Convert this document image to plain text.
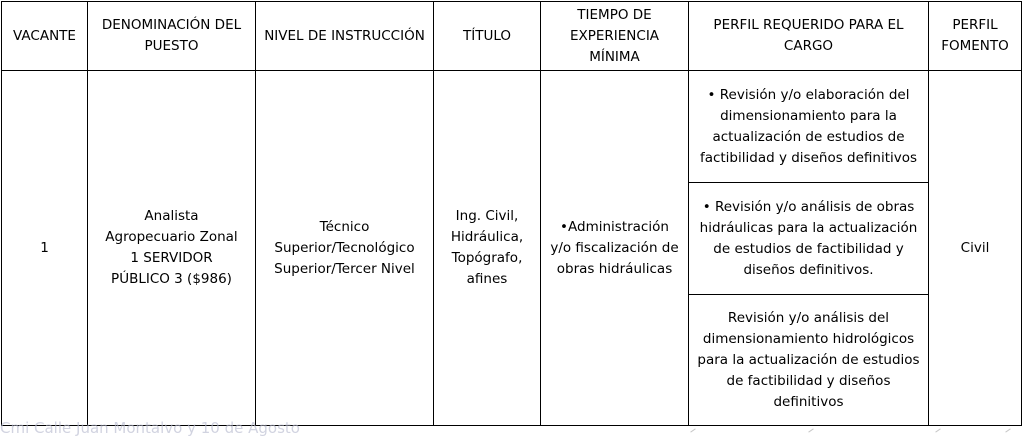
VACANTE	DENOMINACIÓN DEL PUESTO	NIVEL DE INSTRUCCIÓN	TÍTULO	TIEMPO DE EXPERIENCIA MÍNIMA	PERFIL REQUERIDO PARA EL CARGO	PERFIL FOMENTO
1	Analista Agropecuario Zonal 1 SERVIDOR PÚBLICO 3 ($986)	Técnico Superior/Tecnológico Superior/Tercer Nivel	Ing. Civil, Hidráulica, Topógrafo, afines	•Administración y/o fiscalización de obras hidráulicas	• Revisión y/o elaboración del dimensionamiento para la actualización de estudios de factibilidad y diseños definitivos	Civil
					• Revisión y/o análisis de obras hidráulicas para la actualización de estudios de factibilidad y diseños definitivos.	
					Revisión y/o análisis del dimensionamiento hidrológicos para la actualización de estudios de factibilidad y diseños definitivos	
Cmi Calle Juan Montalvo y 10 de Agosto
